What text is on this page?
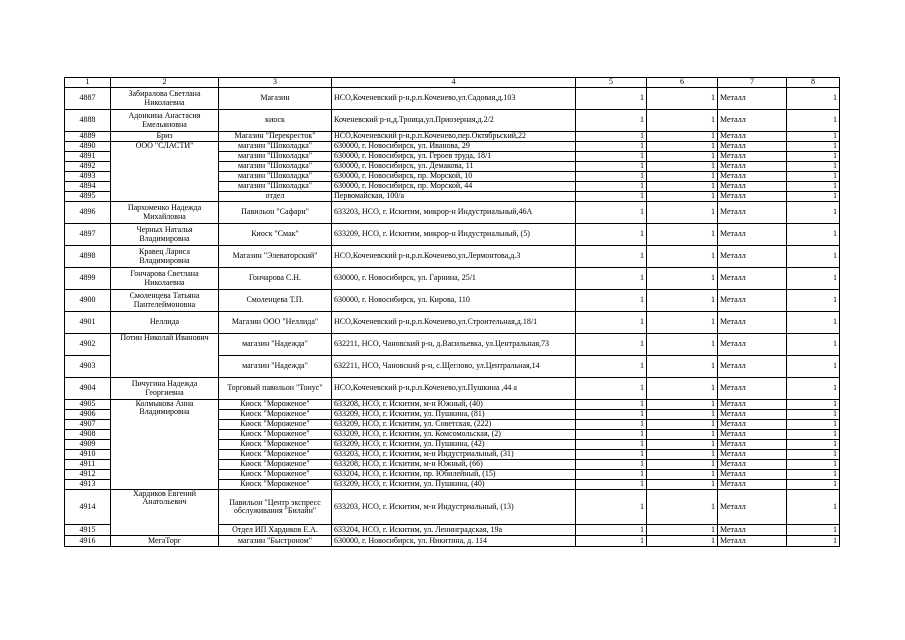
1	2	3	4	5	6	7	8
4887	Забиралова Светлана Николаевна	Магазин	НСО,Коченевский р-н,р.п.Коченево,ул.Садовая,д.103	1	1	Металл	1
4888	Адонкина Анастасия Емельяновна	киоск	Коченевский р-н,д.Троица,ул.Приозерная,д.2/2	1	1	Металл	1
4889	Бриз	Магазин "Перекресток"	НСО,Коченевский р-н,р.п.Коченево,пер.Октябрьский,22	1	1	Металл	1
4890	ООО "СЛАСТИ"	магазин "Шоколадка"	630000, г. Новосибирск, ул. Иванова, 29	1	1	Металл	1
4891		магазин "Шоколадка"	630000, г. Новосибирск, ул. Героев труда, 18/1	1	1	Металл	1
4892		магазин "Шоколадка"	630000, г. Новосибирск, ул. Демакова, 11	1	1	Металл	1
4893		магазин "Шоколадка"	630000, г. Новосибирск, пр. Морской, 10	1	1	Металл	1
4894		магазин "Шоколадка"	630000, г. Новосибирск, пр. Морской, 44	1	1	Металл	1
4895		отдел	Первомайская, 100/а	1	1	Металл	1
4896	Пархоменко Надежда Михайловна	Павильон "Сафари"	633203, НСО, г. Искитим, микрор-н Индустриальный,46А	1	1	Металл	1
4897	Черных Наталья Владимировна	Киоск "Смак"	633209, НСО, г. Искитим, микрор-н Индустриальный, (5)	1	1	Металл	1
4898	Кравец Лариса Владимировна	Магазин "Элеваторский"	НСО,Коченевский р-н,р.п.Коченево,ул.Лермонтова,д.3	1	1	Металл	1
4899	Гончарова Светлана Николаевна	Гончарова С.Н.	630000, г. Новосибирск, ул. Гарнина, 25/1	1	1	Металл	1
4900	Смоленцева Татьяна Пантелеймоновна	Смоленцева Т.П.	630000, г. Новосибирск, ул. Кирова, 110	1	1	Металл	1
4901	Неллида	Магазин ООО "Неллида"	НСО,Коченевский р-н,р.п.Коченево,ул.Строительная,д.18/1	1	1	Металл	1
4902	Потин Николай Иванович	магазин "Надежда"	632211, НСО, Чановский р-н, д.Васильевка, ул.Центральная,73	1	1	Металл	1
4903		магазин "Надежда"	632211, НСО, Чановский р-н, с.Щеглово, ул.Центральная,14	1	1	Металл	1
4904	Пичугина Надежда Георгиевна	Торговый павильон "Тонус"	НСО,Коченевский р-н,р.п.Коченево,ул.Пушкина ,44 а	1	1	Металл	1
4905	Колмыкова Анна Владимировна	Киоск "Мороженое"	633208, НСО, г. Искитим, м-н Южный, (40)	1	1	Металл	1
4906		Киоск "Мороженое"	633209, НСО, г. Искитим, ул. Пушкина, (81)	1	1	Металл	1
4907		Киоск "Мороженое"	633209, НСО, г. Искитим, ул. Советская, (222)	1	1	Металл	1
4908		Киоск "Мороженое"	633209, НСО, г. Искитим, ул. Комсомольская, (2)	1	1	Металл	1
4909		Киоск "Мороженое"	633209, НСО, г. Искитим, ул. Пушкина, (42)	1	1	Металл	1
4910		Киоск "Мороженое"	633203, НСО, г. Искитим, м-н Индустриальный, (31)	1	1	Металл	1
4911		Киоск "Мороженое"	633208, НСО, г. Искитим, м-н Южный, (66)	1	1	Металл	1
4912		Киоск "Мороженое"	633204, НСО, г. Искитим, пр. Юбилейный, (15)	1	1	Металл	1
4913		Киоск "Мороженое"	633209, НСО, г. Искитим, ул. Пушкина, (40)	1	1	Металл	1
4914	Хардиков Евгений Анатольевич	Павильон "Центр экспресс обслуживания "Билайн"	633203, НСО, г. Искитим, м-н Индустриальный, (13)	1	1	Металл	1
4915		Отдел ИП Хардиков Е.А.	633204, НСО, г. Искитим, ул. Ленинградская, 19а	1	1	Металл	1
4916	МегаТорг	магазин "Быстроном"	630000, г. Новосибирск, ул. Никитина, д. 114	1	1	Металл	1
